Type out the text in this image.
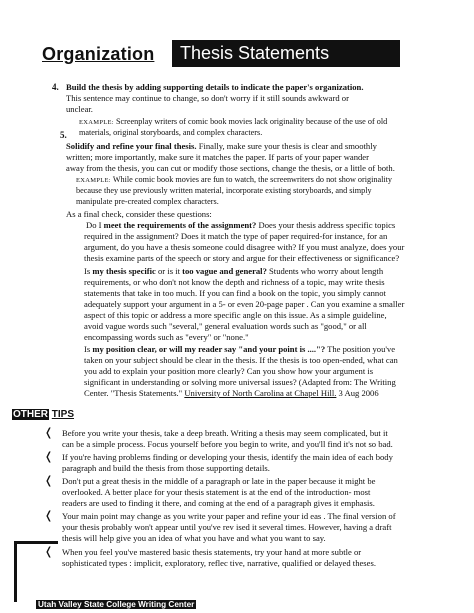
Organization	Thesis Statements
4. Build the thesis by adding supporting details to indicate the paper's organization.
This sentence may continue to change, so don't worry if it still sounds awkward or
unclear.
EXAMPLE: Screenplay writers of comic book movies lack originality because of the use of old
materials, original storyboards, and complex characters.
5.
Solidify and refine your final thesis. Finally, make sure your thesis is clear and smoothly
written; more importantly, make sure it matches the paper. If parts of your paper wander
away from the thesis, you can cut or modify those sections, change the thesis, or a little of both.
EXAMPLE: While comic book movies are fun to watch, the screenwriters do not show originality
because they use previously written material, incorporate existing storyboards, and simply
manipulate pre-created complex characters.
As a final check, consider these questions:
Do I meet the requirements of the assignment? Does your thesis address specific topics
required in the assignment? Does it match the type of paper required-for instance, for an
argument, do you have a thesis someone could disagree with? If you must analyze, does your
thesis examine parts of the speech or story and argue for their effectiveness or significance?
Is my thesis specific or is it too vague and general? Students who worry about length
requirements, or who don't not know the depth and richness of a topic, may write thesis
statements that take in too much. If you can find a book on the topic, you simply cannot
adequately support your argument in a 5- or even 20-page paper . Can you examine a smaller
aspect of this topic or address a more specific angle on this issue. As a simple guideline,
avoid vague words such "several," general evaluation words such as "good," or all
encompassing words such as "every" or "none."
Is my position clear, or will my reader say "and your point is ...."? The position you've
taken on your subject should be clear in the thesis. If the thesis is too open-ended, what can
you add to explain your position more clearly? Can you show how your argument is
significant in understanding or solving more universal issues? (Adapted from: The Writing
Center. "Thesis Statements." University of North Carolina at Chapel Hill. 3 Aug 2006
OTHER TIPS
❬ Before you write your thesis, take a deep breath. Writing a thesis may seem complicated, but it
can be a simple process. Focus yourself before you begin to write, and you'll find it's not so bad.
❬ If you're having problems finding or developing your thesis, identify the main idea of each body
paragraph and build the thesis from those supporting details.
❬ Don't put a great thesis in the middle of a paragraph or late in the paper because it might be
overlooked. A better place for your thesis statement is at the end of the introduction- most
readers are used to finding it there, and coming at the end of a paragraph gives it emphasis.
❬ Your main point may change as you write your paper and refine your id eas . The final version of
your thesis probably won't appear until you've rev ised it several times. However, having a draft
thesis will help give you an idea of what you have and what you want to say.
❬ When you feel you've mastered basic thesis statements, try your hand at more subtle or
sophisticated types : implicit, exploratory, reflec tive, narrative, qualified or delayed theses.
Utah Valley State College Writing Center
